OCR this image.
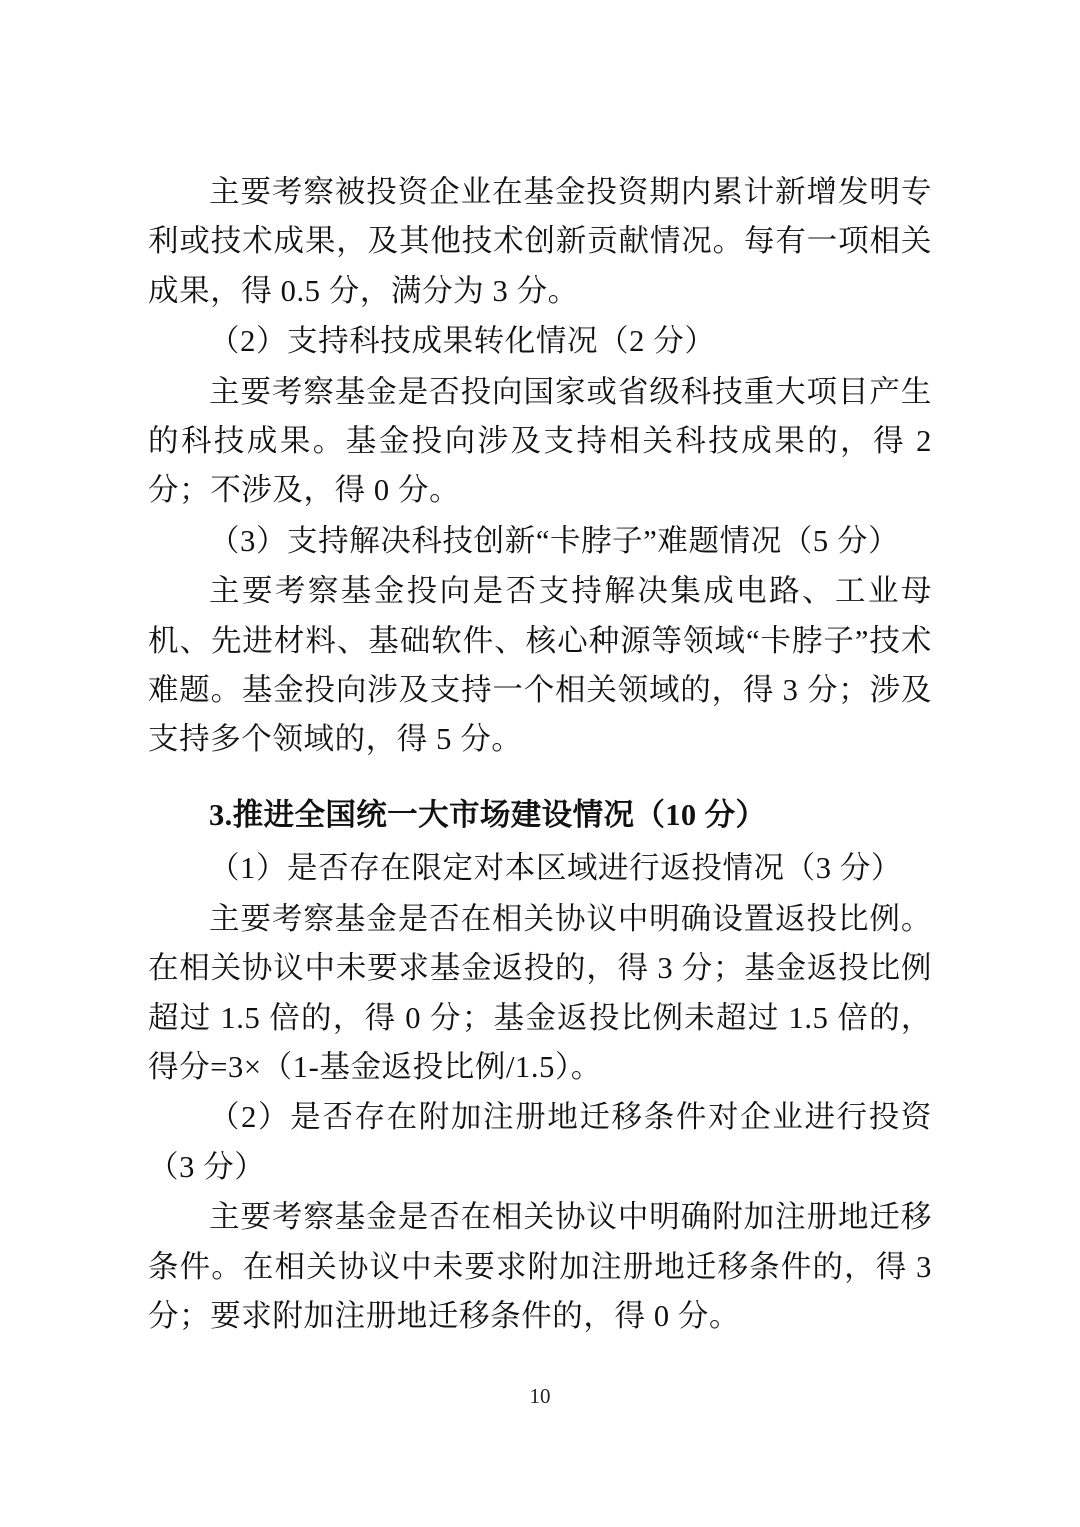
主要考察被投资企业在基金投资期内累计新增发明专利或技术成果，及其他技术创新贡献情况。每有一项相关成果，得 0.5 分，满分为 3 分。

（2）支持科技成果转化情况（2 分）

主要考察基金是否投向国家或省级科技重大项目产生的科技成果。基金投向涉及支持相关科技成果的，得 2 分；不涉及，得 0 分。

（3）支持解决科技创新“卡脖子”难题情况（5 分）

主要考察基金投向是否支持解决集成电路、工业母机、先进材料、基础软件、核心种源等领域“卡脖子”技术难题。基金投向涉及支持一个相关领域的，得 3 分；涉及支持多个领域的，得 5 分。

3.推进全国统一大市场建设情况（10 分）

（1）是否存在限定对本区域进行返投情况（3 分）

主要考察基金是否在相关协议中明确设置返投比例。在相关协议中未要求基金返投的，得 3 分；基金返投比例超过 1.5 倍的，得 0 分；基金返投比例未超过 1.5 倍的，得分=3×（1-基金返投比例/1.5）。

（2）是否存在附加注册地迁移条件对企业进行投资（3 分）

主要考察基金是否在相关协议中明确附加注册地迁移条件。在相关协议中未要求附加注册地迁移条件的，得 3 分；要求附加注册地迁移条件的，得 0 分。

10
